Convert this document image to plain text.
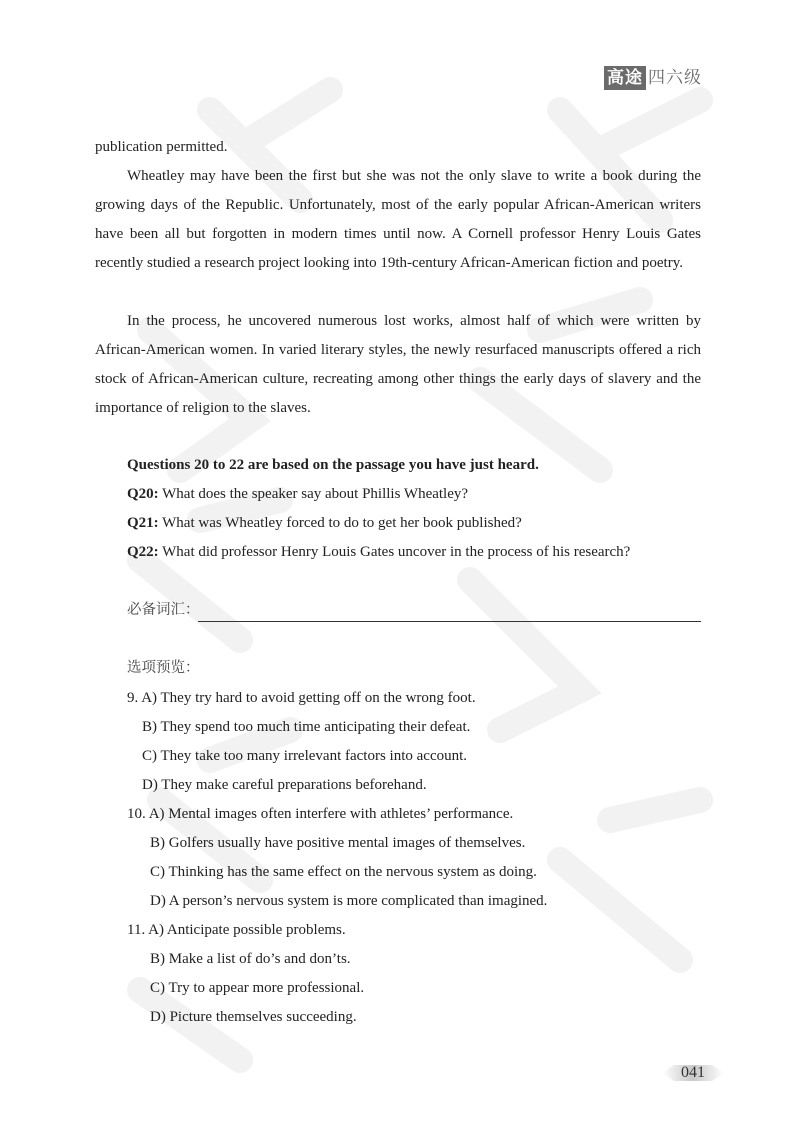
高途 四六级

publication permitted.

Wheatley may have been the first but she was not the only slave to write a book during the growing days of the Republic. Unfortunately, most of the early popular African-American writers have been all but forgotten in modern times until now. A Cornell professor Henry Louis Gates recently studied a research project looking into 19th-century African-American fiction and poetry.

In the process, he uncovered numerous lost works, almost half of which were written by African-American women. In varied literary styles, the newly resurfaced manuscripts offered a rich stock of African-American culture, recreating among other things the early days of slavery and the importance of religion to the slaves.

Questions 20 to 22 are based on the passage you have just heard.

Q20: What does the speaker say about Phillis Wheatley?

Q21: What was Wheatley forced to do to get her book published?

Q22: What did professor Henry Louis Gates uncover in the process of his research?

必备词汇：

选项预览：

9. A) They try hard to avoid getting off on the wrong foot.

B) They spend too much time anticipating their defeat.

C) They take too many irrelevant factors into account.

D) They make careful preparations beforehand.

10. A) Mental images often interfere with athletes’ performance.

B) Golfers usually have positive mental images of themselves.

C) Thinking has the same effect on the nervous system as doing.

D) A person’s nervous system is more complicated than imagined.

11. A) Anticipate possible problems.

B) Make a list of do’s and don’ts.

C) Try to appear more professional.

D) Picture themselves succeeding.

041
